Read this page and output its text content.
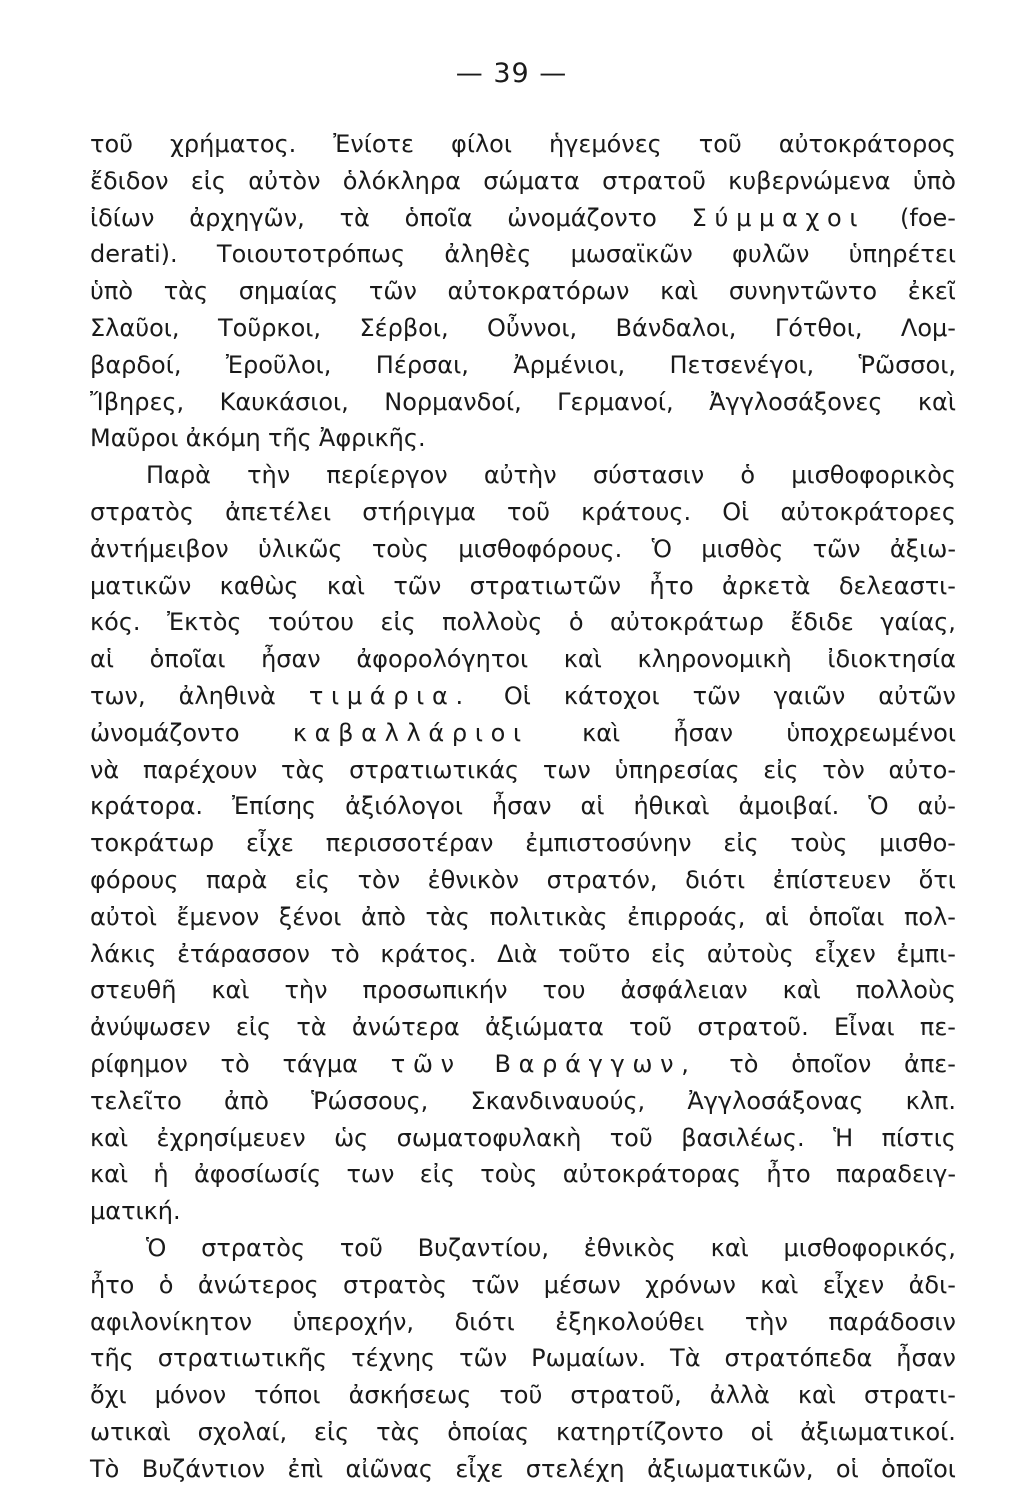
— 39 —
τοῦ χρήματος. Ἐνίοτε φίλοι ἡγεμόνες τοῦ αὐτοκράτορος
ἔδιδον εἰς αὐτὸν ὁλόκληρα σώματα στρατοῦ κυβερνώμενα ὑπὸ
ἰδίων ἀρχηγῶν, τὰ ὁποῖα ὠνομάζοντο Σύμμαχοι (foe-
derati). Τοιουτοτρόπως ἀληθὲς μωσαϊκῶν φυλῶν ὑπηρέτει
ὑπὸ τὰς σημαίας τῶν αὐτοκρατόρων καὶ συνηντῶντο ἐκεῖ
Σλαῦοι, Τοῦρκοι, Σέρβοι, Οὖννοι, Βάνδαλοι, Γότθοι, Λομ-
βαρδοί, Ἐροῦλοι, Πέρσαι, Ἀρμένιοι, Πετσενέγοι, Ῥῶσσοι,
Ἴβηρες, Καυκάσιοι, Νορμανδοί, Γερμανοί, Ἀγγλοσάξονες καὶ
Μαῦροι ἀκόμη τῆς Ἀφρικῆς.
Παρὰ τὴν περίεργον αὐτὴν σύστασιν ὁ μισθοφορικὸς
στρατὸς ἀπετέλει στήριγμα τοῦ κράτους. Οἱ αὐτοκράτορες
ἀντήμειβον ὑλικῶς τοὺς μισθοφόρους. Ὁ μισθὸς τῶν ἀξιω-
ματικῶν καθὼς καὶ τῶν στρατιωτῶν ἦτο ἀρκετὰ δελεαστι-
κός. Ἐκτὸς τούτου εἰς πολλοὺς ὁ αὐτοκράτωρ ἔδιδε γαίας,
αἱ ὁποῖαι ἦσαν ἀφορολόγητοι καὶ κληρονομικὴ ἰδιοκτησία
των, ἀληθινὰ τιμάρια. Οἱ κάτοχοι τῶν γαιῶν αὐτῶν
ὠνομάζοντο καβαλλάριοι καὶ ἦσαν ὑποχρεωμένοι
νὰ παρέχουν τὰς στρατιωτικάς των ὑπηρεσίας εἰς τὸν αὐτο-
κράτορα. Ἐπίσης ἀξιόλογοι ἦσαν αἱ ἠθικαὶ ἀμοιβαί. Ὁ αὐ-
τοκράτωρ εἶχε περισσοτέραν ἐμπιστοσύνην εἰς τοὺς μισθο-
φόρους παρὰ εἰς τὸν ἐθνικὸν στρατόν, διότι ἐπίστευεν ὅτι
αὐτοὶ ἔμενον ξένοι ἀπὸ τὰς πολιτικὰς ἐπιρροάς, αἱ ὁποῖαι πολ-
λάκις ἐτάρασσον τὸ κράτος. Διὰ τοῦτο εἰς αὐτοὺς εἶχεν ἐμπι-
στευθῆ καὶ τὴν προσωπικήν του ἀσφάλειαν καὶ πολλοὺς
ἀνύψωσεν εἰς τὰ ἀνώτερα ἀξιώματα τοῦ στρατοῦ. Εἶναι πε-
ρίφημον τὸ τάγμα τῶν Βαράγγων, τὸ ὁποῖον ἀπε-
τελεῖτο ἀπὸ Ῥώσσους, Σκανδιναυούς, Ἀγγλοσάξονας κλπ.
καὶ ἐχρησίμευεν ὡς σωματοφυλακὴ τοῦ βασιλέως. Ἡ πίστις
καὶ ἡ ἀφοσίωσίς των εἰς τοὺς αὐτοκράτορας ἦτο παραδειγ-
ματική.
Ὁ στρατὸς τοῦ Βυζαντίου, ἐθνικὸς καὶ μισθοφορικός,
ἦτο ὁ ἀνώτερος στρατὸς τῶν μέσων χρόνων καὶ εἶχεν ἀδι-
αφιλονίκητον ὑπεροχήν, διότι ἐξηκολούθει τὴν παράδοσιν
τῆς στρατιωτικῆς τέχνης τῶν Ρωμαίων. Τὰ στρατόπεδα ἦσαν
ὄχι μόνον τόποι ἀσκήσεως τοῦ στρατοῦ, ἀλλὰ καὶ στρατι-
ωτικαὶ σχολαί, εἰς τὰς ὁποίας κατηρτίζοντο οἱ ἀξιωματικοί.
Τὸ Βυζάντιον ἐπὶ αἰῶνας εἶχε στελέχη ἀξιωματικῶν, οἱ ὁποῖοι
